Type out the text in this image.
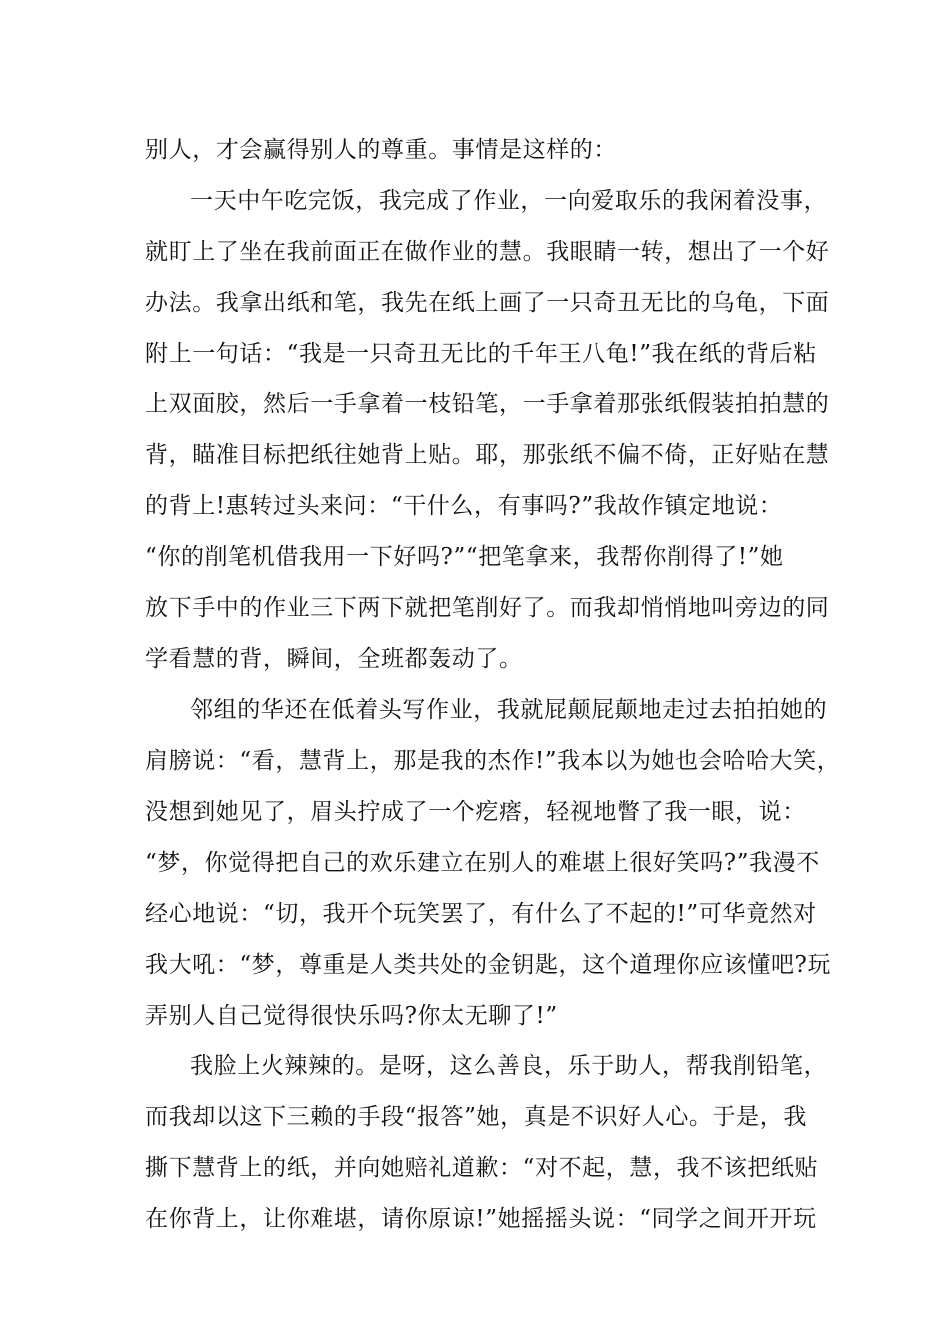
别人，才会赢得别人的尊重。事情是这样的：
一天中午吃完饭，我完成了作业，一向爱取乐的我闲着没事，
就盯上了坐在我前面正在做作业的慧。我眼睛一转，想出了一个好
办法。我拿出纸和笔，我先在纸上画了一只奇丑无比的乌龟，下面
附上一句话：“我是一只奇丑无比的千年王八龟!”我在纸的背后粘
上双面胶，然后一手拿着一枝铅笔，一手拿着那张纸假装拍拍慧的
背，瞄准目标把纸往她背上贴。耶，那张纸不偏不倚，正好贴在慧
的背上!惠转过头来问：“干什么，有事吗?”我故作镇定地说：
“你的削笔机借我用一下好吗?”“把笔拿来，我帮你削得了!”她
放下手中的作业三下两下就把笔削好了。而我却悄悄地叫旁边的同
学看慧的背，瞬间，全班都轰动了。
邻组的华还在低着头写作业，我就屁颠屁颠地走过去拍拍她的
肩膀说：“看，慧背上，那是我的杰作!”我本以为她也会哈哈大笑，
没想到她见了，眉头拧成了一个疙瘩，轻视地瞥了我一眼，说：
“梦，你觉得把自己的欢乐建立在别人的难堪上很好笑吗?”我漫不
经心地说：“切，我开个玩笑罢了，有什么了不起的!”可华竟然对
我大吼：“梦，尊重是人类共处的金钥匙，这个道理你应该懂吧?玩
弄别人自己觉得很快乐吗?你太无聊了!”
我脸上火辣辣的。是呀，这么善良，乐于助人，帮我削铅笔，
而我却以这下三赖的手段“报答”她，真是不识好人心。于是，我
撕下慧背上的纸，并向她赔礼道歉：“对不起，慧，我不该把纸贴
在你背上，让你难堪，请你原谅!”她摇摇头说：“同学之间开开玩
